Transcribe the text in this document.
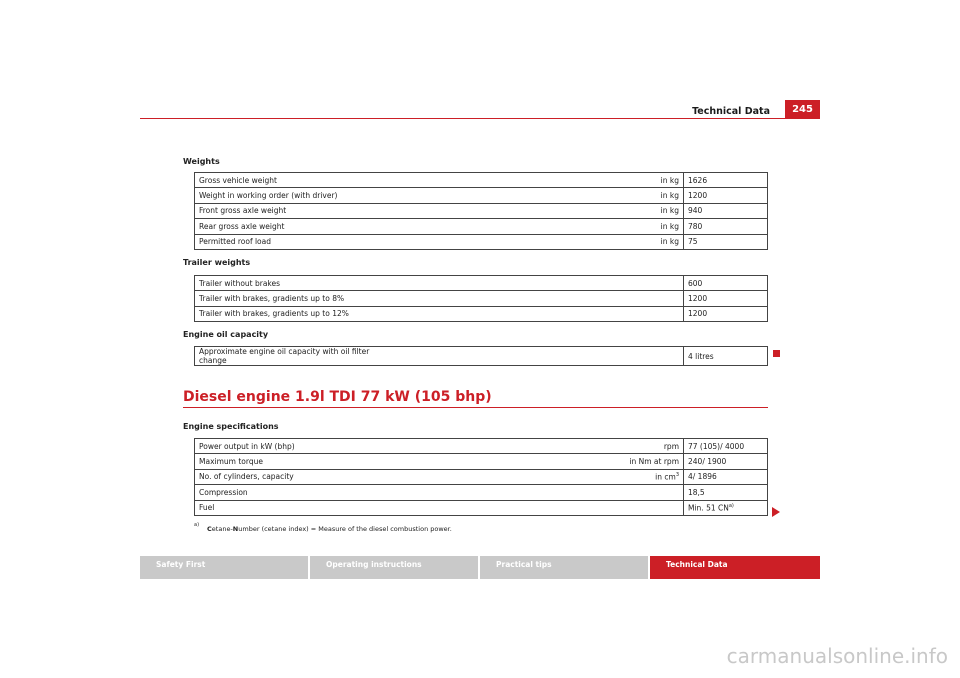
Technical Data	245
Weights
Gross vehicle weight	in kg	1626
Weight in working order (with driver)	in kg	1200
Front gross axle weight	in kg	940
Rear gross axle weight	in kg	780
Permitted roof load	in kg	75
Trailer weights
Trailer without brakes		600
Trailer with brakes, gradients up to 8%		1200
Trailer with brakes, gradients up to 12%		1200
Engine oil capacity
Approximate engine oil capacity with oil filter change		4 litres
Diesel engine 1.9l TDI 77 kW (105 bhp)
Engine specifications
Power output in kW (bhp)	rpm	77 (105)/ 4000
Maximum torque	in Nm at rpm	240/ 1900
No. of cylinders, capacity	in $cm^3$	4/ 1896
Compression		18,5
Fuel		Min. 51 CN$^{a)}$
$^{a)}$Cetane-Number (cetane index) = Measure of the diesel combustion power.
Safety First	Operating instructions	Practical tips	Technical Data
carmanualsonline.info
